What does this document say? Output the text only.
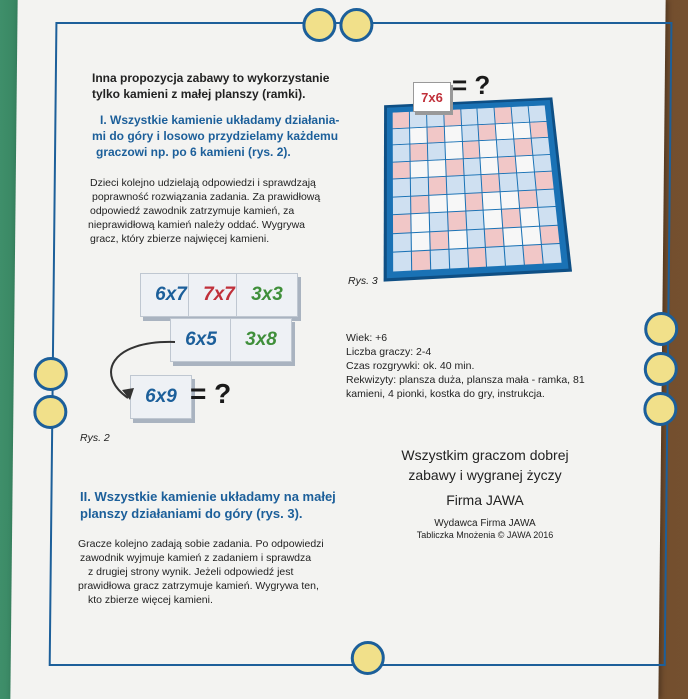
Inna propozycja zabawy to wykorzystanie
tylko kamieni z małej planszy (ramki).
I. Wszystkie kamienie układamy działania-
mi do góry i losowo przydzielamy każdemu
graczowi np. po 6 kamieni (rys. 2).
Dzieci kolejno udzielają odpowiedzi i sprawdzają
poprawność rozwiązania zadania. Za prawidłową
odpowiedź zawodnik zatrzymuje kamień, za
nieprawidłową kamień należy oddać. Wygrywa
gracz, który zbierze najwięcej kamieni.
7x6 = ?
Rys. 3
6x7 7x7 3x3
6x5	3x8
6x9 = ?
Rys. 2
Wiek: +6
Liczba graczy: 2-4
Czas rozgrywki: ok. 40 min.
Rekwizyty: plansza duża, plansza mała - ramka, 81
kamieni, 4 pionki, kostka do gry, instrukcja.
Wszystkim graczom dobrej
zabawy i wygranej życzy
Firma JAWA
Wydawca Firma JAWA
Tabliczka Mnożenia © JAWA 2016
II. Wszystkie kamienie układamy na małej
planszy działaniami do góry (rys. 3).
Gracze kolejno zadają sobie zadania. Po odpowiedzi
zawodnik wyjmuje kamień z zadaniem i sprawdza
z drugiej strony wynik. Jeżeli odpowiedź jest
prawidłowa gracz zatrzymuje kamień. Wygrywa ten,
kto zbierze więcej kamieni.
